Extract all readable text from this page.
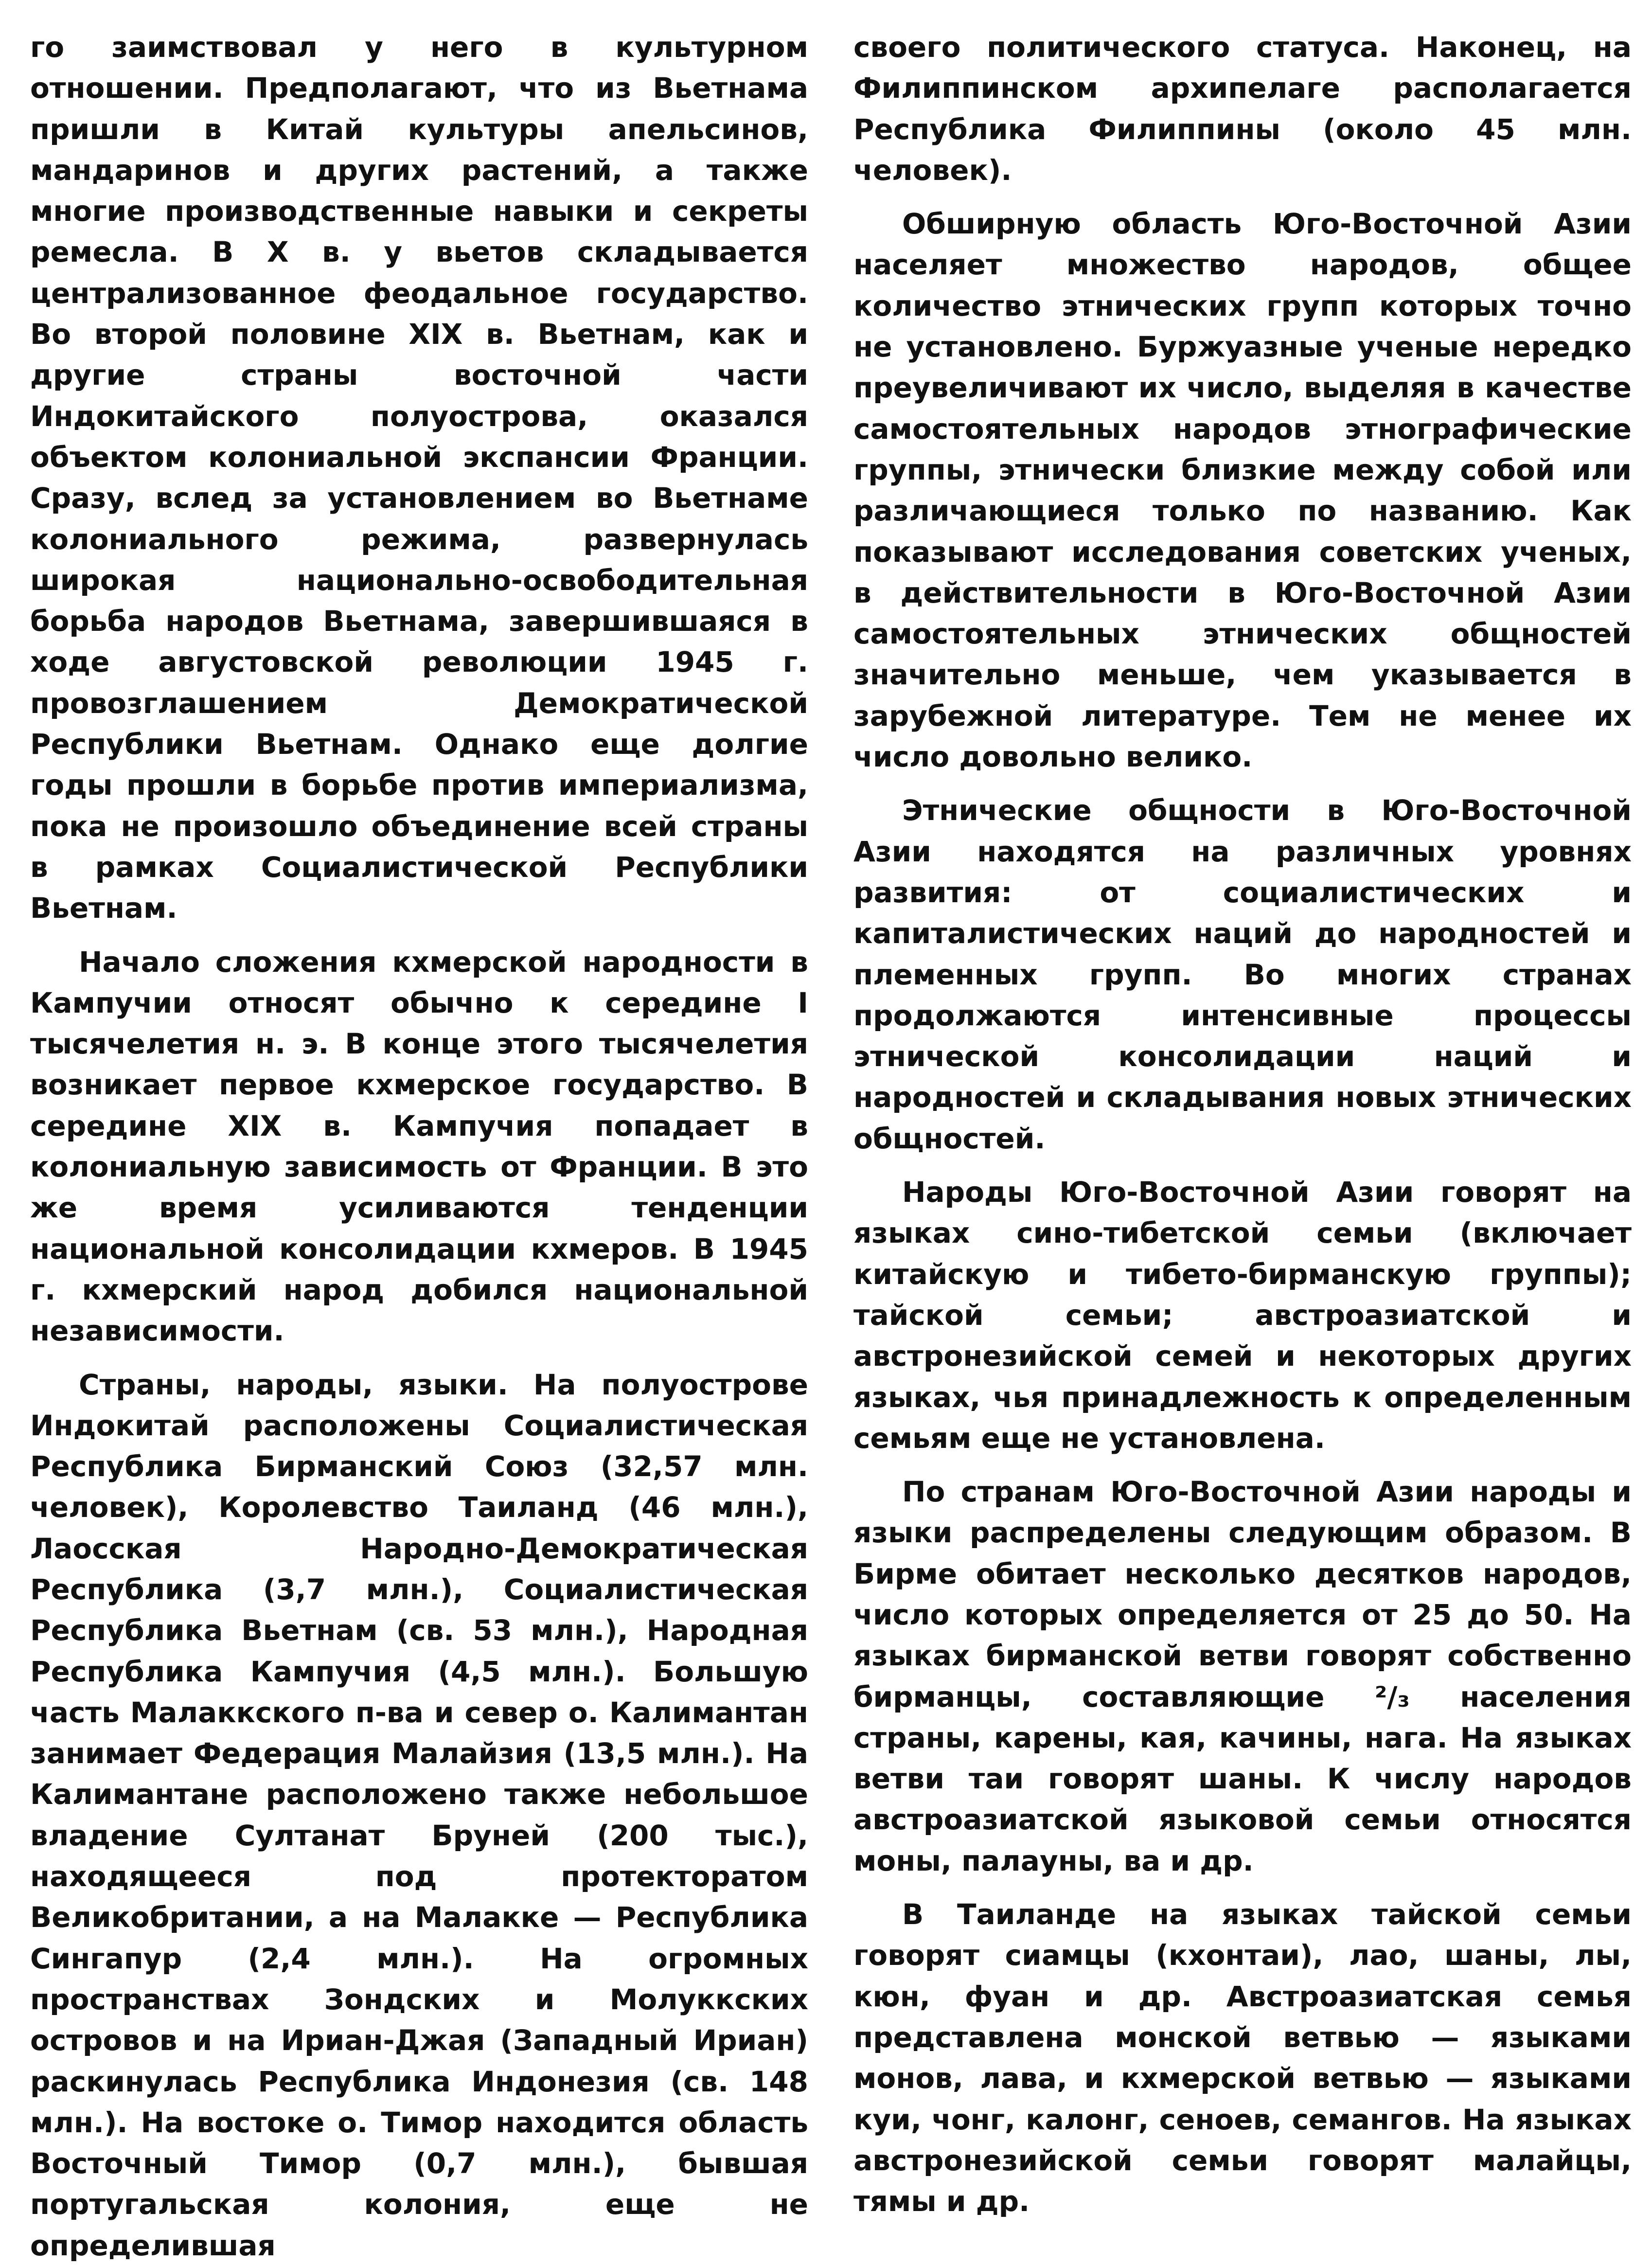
го заимствовал у него в культурном отношении. Предполагают, что из Вьетнама пришли в Китай культуры апельсинов, мандаринов и других растений, а также многие производственные навыки и секреты ремесла. В X в. у вьетов складывается централизованное феодальное государство. Во второй половине XIX в. Вьетнам, как и другие страны восточной части Индокитайского полуострова, оказался объектом колониальной экспансии Франции. Сразу, вслед за установлением во Вьетнаме колониального режима, развернулась широкая национально-освободительная борьба народов Вьетнама, завершившаяся в ходе августовской революции 1945 г. провозглашением Демократической Республики Вьетнам. Однако еще долгие годы прошли в борьбе против империализма, пока не произошло объединение всей страны в рамках Социалистической Республики Вьетнам.

Начало сложения кхмерской народности в Кампучии относят обычно к середине I тысячелетия н. э. В конце этого тысячелетия возникает первое кхмерское государство. В середине XIX в. Кампучия попадает в колониальную зависимость от Франции. В это же время усиливаются тенденции национальной консолидации кхмеров. В 1945 г. кхмерский народ добился национальной независимости.

Страны, народы, языки. На полуострове Индокитай расположены Социалистическая Республика Бирманский Союз (32,57 млн. человек), Королевство Таиланд (46 млн.), Лаосская Народно-Демократическая Республика (3,7 млн.), Социалистическая Республика Вьетнам (св. 53 млн.), Народная Республика Кампучия (4,5 млн.). Большую часть Малаккского п-ва и север о. Калимантан занимает Федерация Малайзия (13,5 млн.). На Калимантане расположено также небольшое владение Султанат Бруней (200 тыс.), находящееся под протекторатом Великобритании, а на Малакке — Республика Сингапур (2,4 млн.). На огромных пространствах Зондских и Молуккских островов и на Ириан-Джая (Западный Ириан) раскинулась Республика Индонезия (св. 148 млн.). На востоке о. Тимор находится область Восточный Тимор (0,7 млн.), бывшая португальская колония, еще не определившая

своего политического статуса. Наконец, на Филиппинском архипелаге располагается Республика Филиппины (около 45 млн. человек).

Обширную область Юго-Восточной Азии населяет множество народов, общее количество этнических групп которых точно не установлено. Буржуазные ученые нередко преувеличивают их число, выделяя в качестве самостоятельных народов этнографические группы, этнически близкие между собой или различающиеся только по названию. Как показывают исследования советских ученых, в действительности в Юго-Восточной Азии самостоятельных этнических общностей значительно меньше, чем указывается в зарубежной литературе. Тем не менее их число довольно велико.

Этнические общности в Юго-Восточной Азии находятся на различных уровнях развития: от социалистических и капиталистических наций до народностей и племенных групп. Во многих странах продолжаются интенсивные процессы этнической консолидации наций и народностей и складывания новых этнических общностей.

Народы Юго-Восточной Азии говорят на языках сино-тибетской семьи (включает китайскую и тибето-бирманскую группы); тайской семьи; австроазиатской и австронезийской семей и некоторых других языках, чья принадлежность к определенным семьям еще не установлена.

По странам Юго-Восточной Азии народы и языки распределены следующим образом. В Бирме обитает несколько десятков народов, число которых определяется от 25 до 50. На языках бирманской ветви говорят собственно бирманцы, составляющие ²/₃ населения страны, карены, кая, качины, нага. На языках ветви таи говорят шаны. К числу народов австроазиатской языковой семьи относятся моны, палауны, ва и др.

В Таиланде на языках тайской семьи говорят сиамцы (кхонтаи), лао, шаны, лы, кюн, фуан и др. Австроазиатская семья представлена монской ветвью — языками монов, лава, и кхмерской ветвью — языками куи, чонг, калонг, сеноев, семангов. На языках австронезийской семьи говорят малайцы, тямы и др.
